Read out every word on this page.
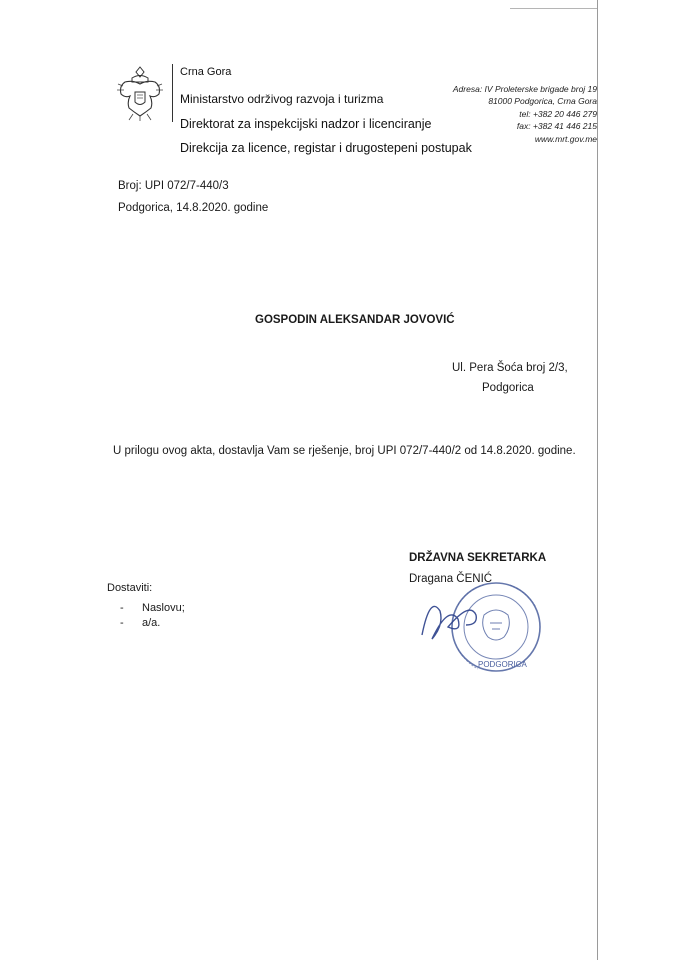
Crna Gora
Ministarstvo održivog razvoja i turizma
Direktorat za inspekcijski nadzor i licenciranje
Direkcija za licence, registar i drugostepeni postupak
Adresa: IV Proleterske brigade broj 19
81000 Podgorica, Crna Gora
tel: +382 20 446 279
fax: +382 41 446 215
www.mrt.gov.me
Broj: UPI 072/7-440/3
Podgorica, 14.8.2020. godine
GOSPODIN ALEKSANDAR JOVOVIĆ
Ul. Pera Šoća broj 2/3,
Podgorica
U prilogu ovog akta, dostavlja Vam se rješenje, broj UPI 072/7-440/2 od 14.8.2020. godine.
DRŽAVNA SEKRETARKA
PODGORICA
Dragana ČENIĆ
Dostaviti:
- Naslovu;
- a/a.
